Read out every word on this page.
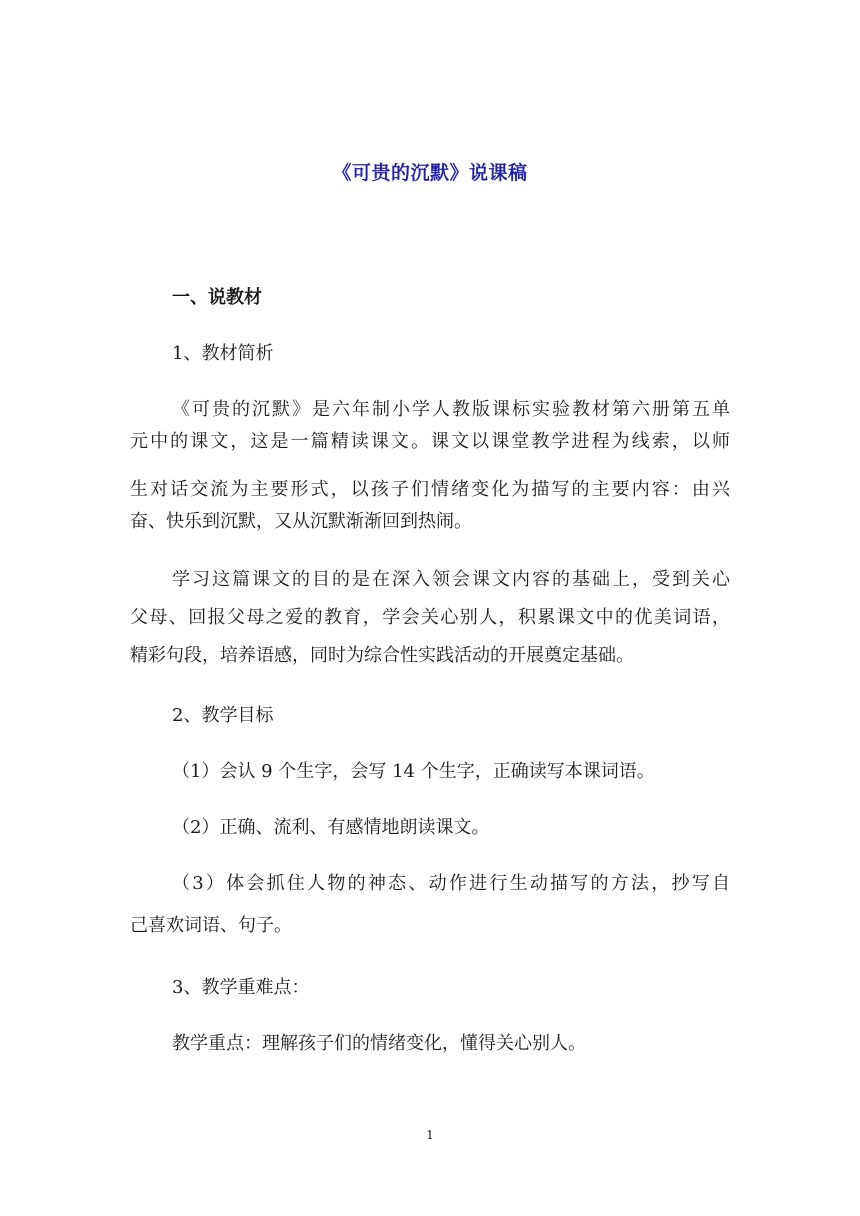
《可贵的沉默》说课稿
一、说教材
1、教材简析
《可贵的沉默》是六年制小学人教版课标实验教材第六册第五单
元中的课文，这是一篇精读课文。课文以课堂教学进程为线索，以师
生对话交流为主要形式，以孩子们情绪变化为描写的主要内容：由兴
奋、快乐到沉默，又从沉默渐渐回到热闹。
学习这篇课文的目的是在深入领会课文内容的基础上，受到关心
父母、回报父母之爱的教育，学会关心别人，积累课文中的优美词语，
精彩句段，培养语感，同时为综合性实践活动的开展奠定基础。
2、教学目标
（1）会认 9 个生字，会写 14 个生字，正确读写本课词语。
（2）正确、流利、有感情地朗读课文。
（3）体会抓住人物的神态、动作进行生动描写的方法，抄写自
己喜欢词语、句子。
3、教学重难点：
教学重点：理解孩子们的情绪变化，懂得关心别人。
1
